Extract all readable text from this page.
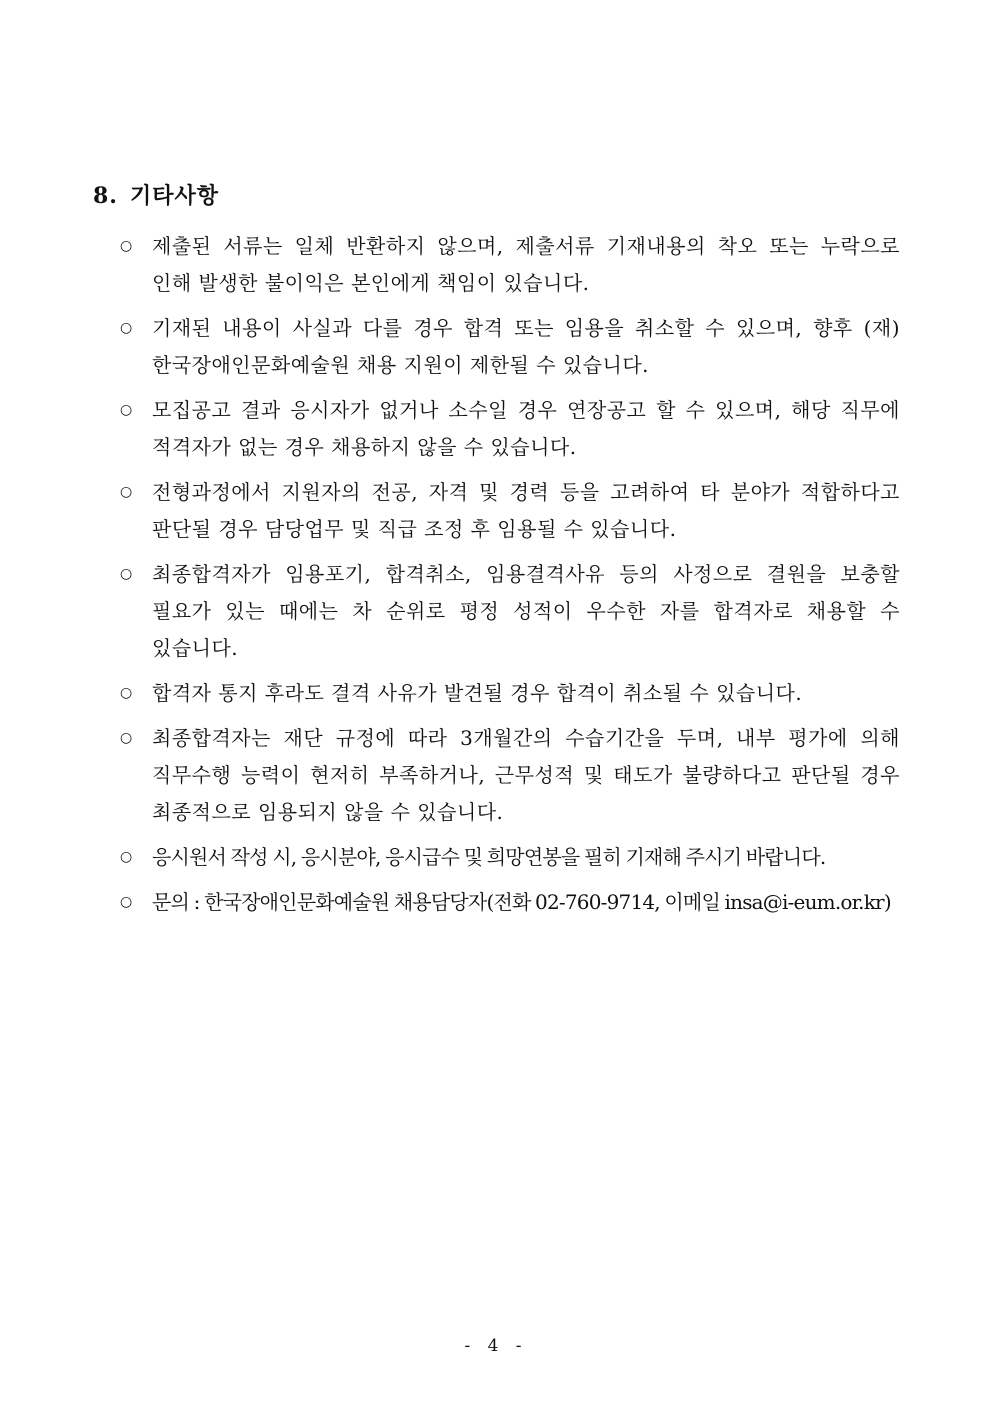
8. 기타사항
○ 제출된 서류는 일체 반환하지 않으며, 제출서류 기재내용의 착오 또는 누락으로 인해 발생한 불이익은 본인에게 책임이 있습니다.
○ 기재된 내용이 사실과 다를 경우 합격 또는 임용을 취소할 수 있으며, 향후 (재)한국장애인문화예술원 채용 지원이 제한될 수 있습니다.
○ 모집공고 결과 응시자가 없거나 소수일 경우 연장공고 할 수 있으며, 해당 직무에 적격자가 없는 경우 채용하지 않을 수 있습니다.
○ 전형과정에서 지원자의 전공, 자격 및 경력 등을 고려하여 타 분야가 적합하다고 판단될 경우 담당업무 및 직급 조정 후 임용될 수 있습니다.
○ 최종합격자가 임용포기, 합격취소, 임용결격사유 등의 사정으로 결원을 보충할 필요가 있는 때에는 차 순위로 평정 성적이 우수한 자를 합격자로 채용할 수 있습니다.
○ 합격자 통지 후라도 결격 사유가 발견될 경우 합격이 취소될 수 있습니다.
○ 최종합격자는 재단 규정에 따라 3개월간의 수습기간을 두며, 내부 평가에 의해 직무수행 능력이 현저히 부족하거나, 근무성적 및 태도가 불량하다고 판단될 경우 최종적으로 임용되지 않을 수 있습니다.
○	응시원서 작성 시, 응시분야, 응시급수 및 희망연봉을 필히 기재해 주시기 바랍니다.
○	문의 : 한국장애인문화예술원 채용담당자(전화 02-760-9714, 이메일 insa@i-eum.or.kr)
- 4 -
